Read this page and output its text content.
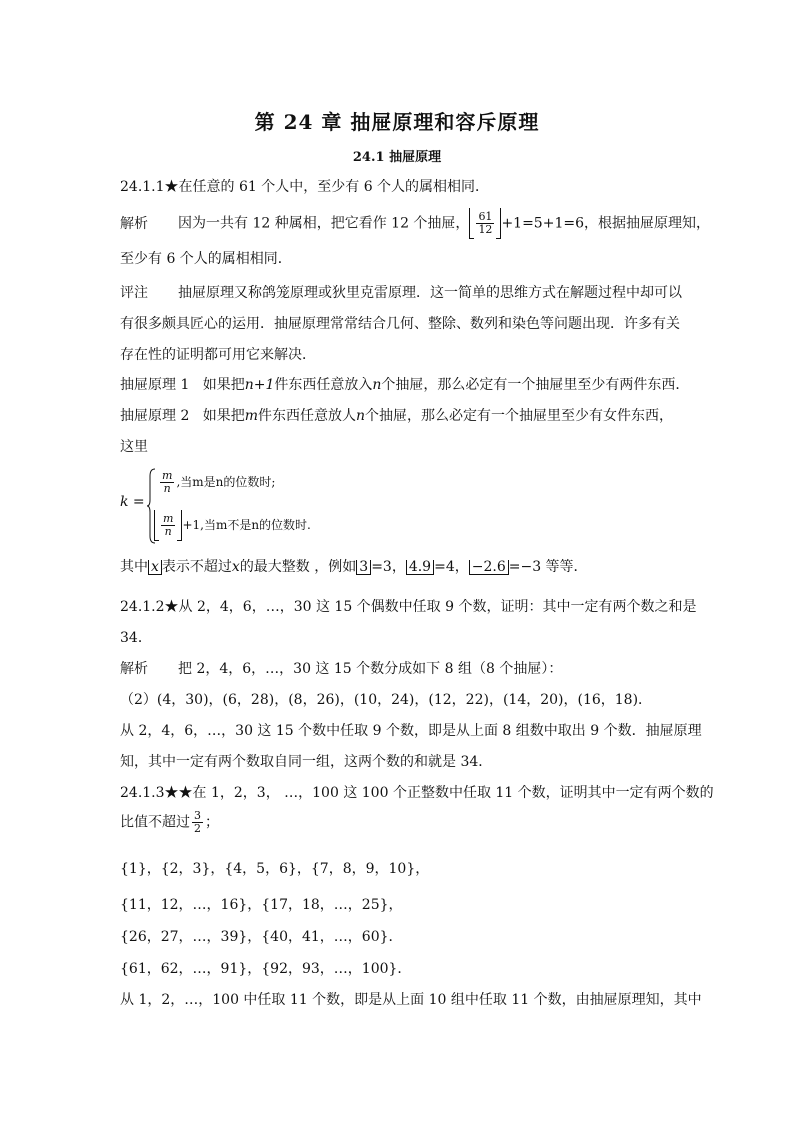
第 24 章 抽屉原理和容斥原理
24.1 抽屉原理
24.1.1★在任意的 61 个人中，至少有 6 个人的属相相同．
解析 因为一共有 12 种属相，把它看作 12 个抽屉， $\frac{61}{12} +1=5+1=6$，根据抽屉原理知，
至少有 6 个人的属相相同．
评注 抽屉原理又称鸽笼原理或狄里克雷原理．这一简单的思维方式在解题过程中却可以
有很多颇具匠心的运用．抽屉原理常常结合几何、整除、数列和染色等问题出现．许多有关
存在性的证明都可用它来解决．
抽屉原理 1 如果把n+1件东西任意放入n个抽屉，那么必定有一个抽屉里至少有两件东西．
抽屉原理 2 如果把m件东西任意放人n个抽屉，那么必定有一个抽屉里至少有女件东西，
这里
k =
$\frac{m}{n}$ ,当m是n的位数时;
$\frac{m}{n} +1$,当m不是n的位数时.
其中 x 表示不超过x的最大整数 ，例如 3 =3， 4.9 =4， −2.6 =−3 等等．
24.1.2★从 2，4，6，…，30 这 15 个偶数中任取 9 个数，证明：其中一定有两个数之和是
34．
解析 把 2，4，6，…，30 这 15 个数分成如下 8 组（8 个抽屉）：
（2）(4，30)，(6，28)，(8，26)，(10，24)，(12，22)，(14，20)，(16，18)．
从 2，4，6，…，30 这 15 个数中任取 9 个数，即是从上面 8 组数中取出 9 个数．抽屉原理
知，其中一定有两个数取自同一组，这两个数的和就是 34．
24.1.3★★在 1，2，3， …，100 这 100 个正整数中任取 11 个数，证明其中一定有两个数的
比值不超过 $\frac{3}{2}$ ；
{1}，{2，3}，{4，5，6}，{7，8，9，10}，
{11，12，…，16}，{17，18，…，25}，
{26，27，…，39}，{40，41，…，60}．
{61，62，…，91}，{92，93，…，100}．
从 1，2，…，100 中任取 11 个数，即是从上面 10 组中任取 11 个数，由抽屉原理知，其中
